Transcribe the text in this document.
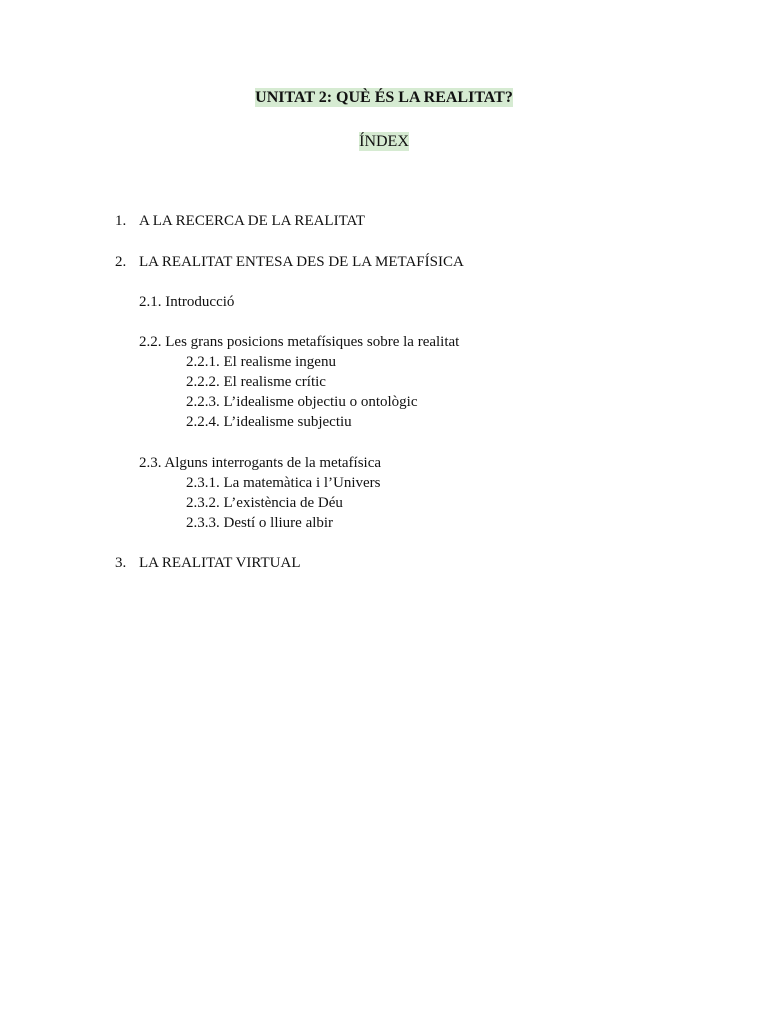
UNITAT 2: QUÈ ÉS LA REALITAT?
ÍNDEX
1. A LA RECERCA DE LA REALITAT
2. LA REALITAT ENTESA DES DE LA METAFÍSICA
2.1. Introducció
2.2. Les grans posicions metafísiques sobre la realitat
2.2.1. El realisme ingenu
2.2.2. El realisme crític
2.2.3. L’idealisme objectiu o ontològic
2.2.4. L’idealisme subjectiu
2.3. Alguns interrogants de la metafísica
2.3.1. La matemàtica i l’Univers
2.3.2. L’existència de Déu
2.3.3. Destí o lliure albir
3. LA REALITAT VIRTUAL
